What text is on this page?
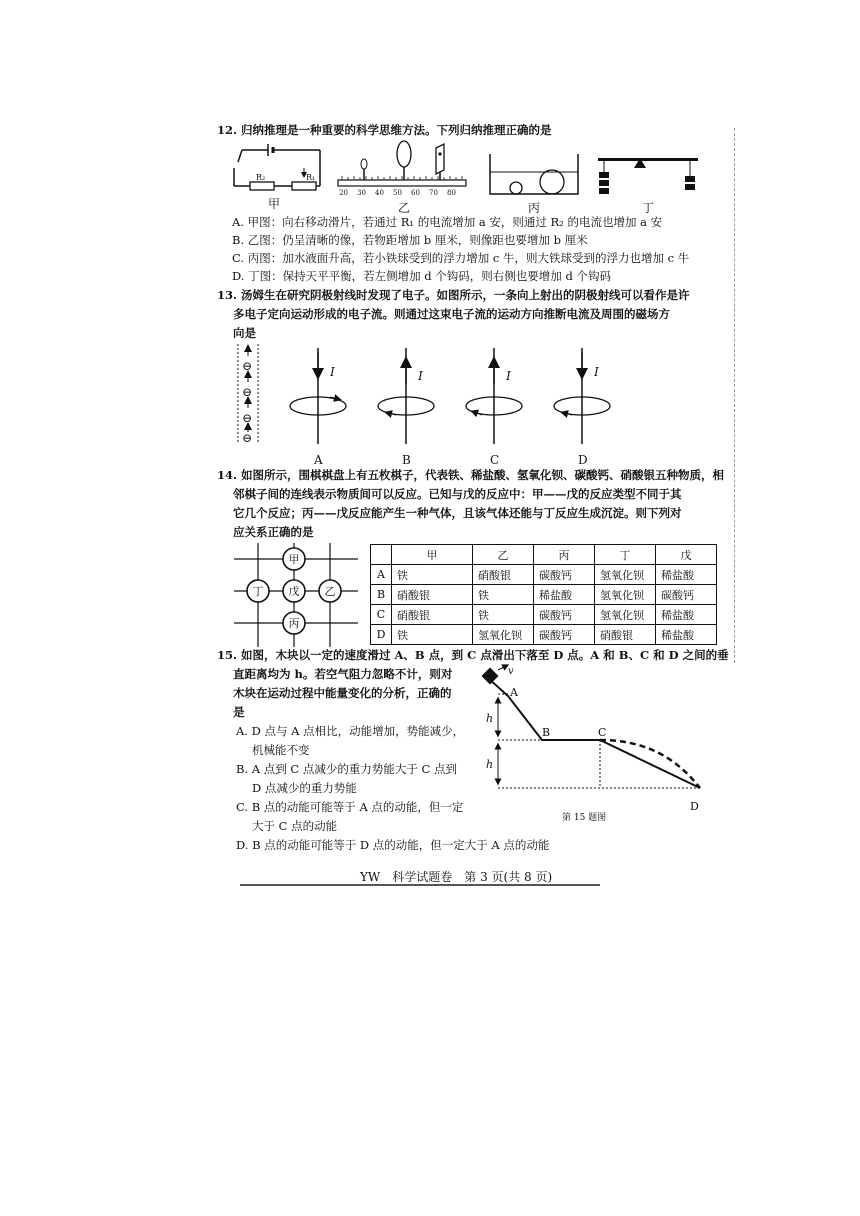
12. 归纳推理是一种重要的科学思维方法。下列归纳推理正确的是
R₂	R₁
甲
20 30 40 50 60 70 80
乙	丙	丁
A. 甲图：向右移动滑片，若通过 R₁ 的电流增加 a 安，则通过 R₂ 的电流也增加 a 安
B. 乙图：仍呈清晰的像，若物距增加 b 厘米，则像距也要增加 b 厘米
C. 丙图：加水液面升高，若小铁球受到的浮力增加 c 牛，则大铁球受到的浮力也增加 c 牛
D. 丁图：保持天平平衡，若左侧增加 d 个钩码，则右侧也要增加 d 个钩码
13. 汤姆生在研究阴极射线时发现了电子。如图所示，一条向上射出的阴极射线可以看作是许
多电子定向运动形成的电子流。则通过这束电子流的运动方向推断电流及周围的磁场方
向是
⊖
⊖
⊖
⊖
I
A
I
B
I
C
I
D
14. 如图所示，围棋棋盘上有五枚棋子，代表铁、稀盐酸、氢氧化钡、碳酸钙、硝酸银五种物质，相
邻棋子间的连线表示物质间可以反应。已知与戊的反应中：甲——戊的反应类型不同于其
它几个反应；丙——戊反应能产生一种气体，且该气体还能与丁反应生成沉淀。则下列对
应关系正确的是
甲
丁 戊 乙
丙
	甲	乙	丙	丁	戊
A	铁	硝酸银	碳酸钙	氢氧化钡	稀盐酸
B	硝酸银	铁	稀盐酸	氢氧化钡	碳酸钙
C	硝酸银	铁	碳酸钙	氢氧化钡	稀盐酸
D	铁	氢氧化钡	碳酸钙	硝酸银	稀盐酸
15. 如图，木块以一定的速度滑过 A、B 点，到 C 点滑出下落至 D 点。A 和 B、C 和 D 之间的垂
直距离均为 h。若空气阻力忽略不计，则对
木块在运动过程中能量变化的分析，正确的
是
A. D 点与 A 点相比，动能增加，势能减少，
机械能不变
B. A 点到 C 点减少的重力势能大于 C 点到
D 点减少的重力势能
C. B 点的动能可能等于 A 点的动能，但一定
大于 C 点的动能
D. B 点的动能可能等于 D 点的动能，但一定大于 A 点的动能
v
h
h
A
B	C
D
第 15 题图
YW　科学试题卷　第 3 页(共 8 页)
